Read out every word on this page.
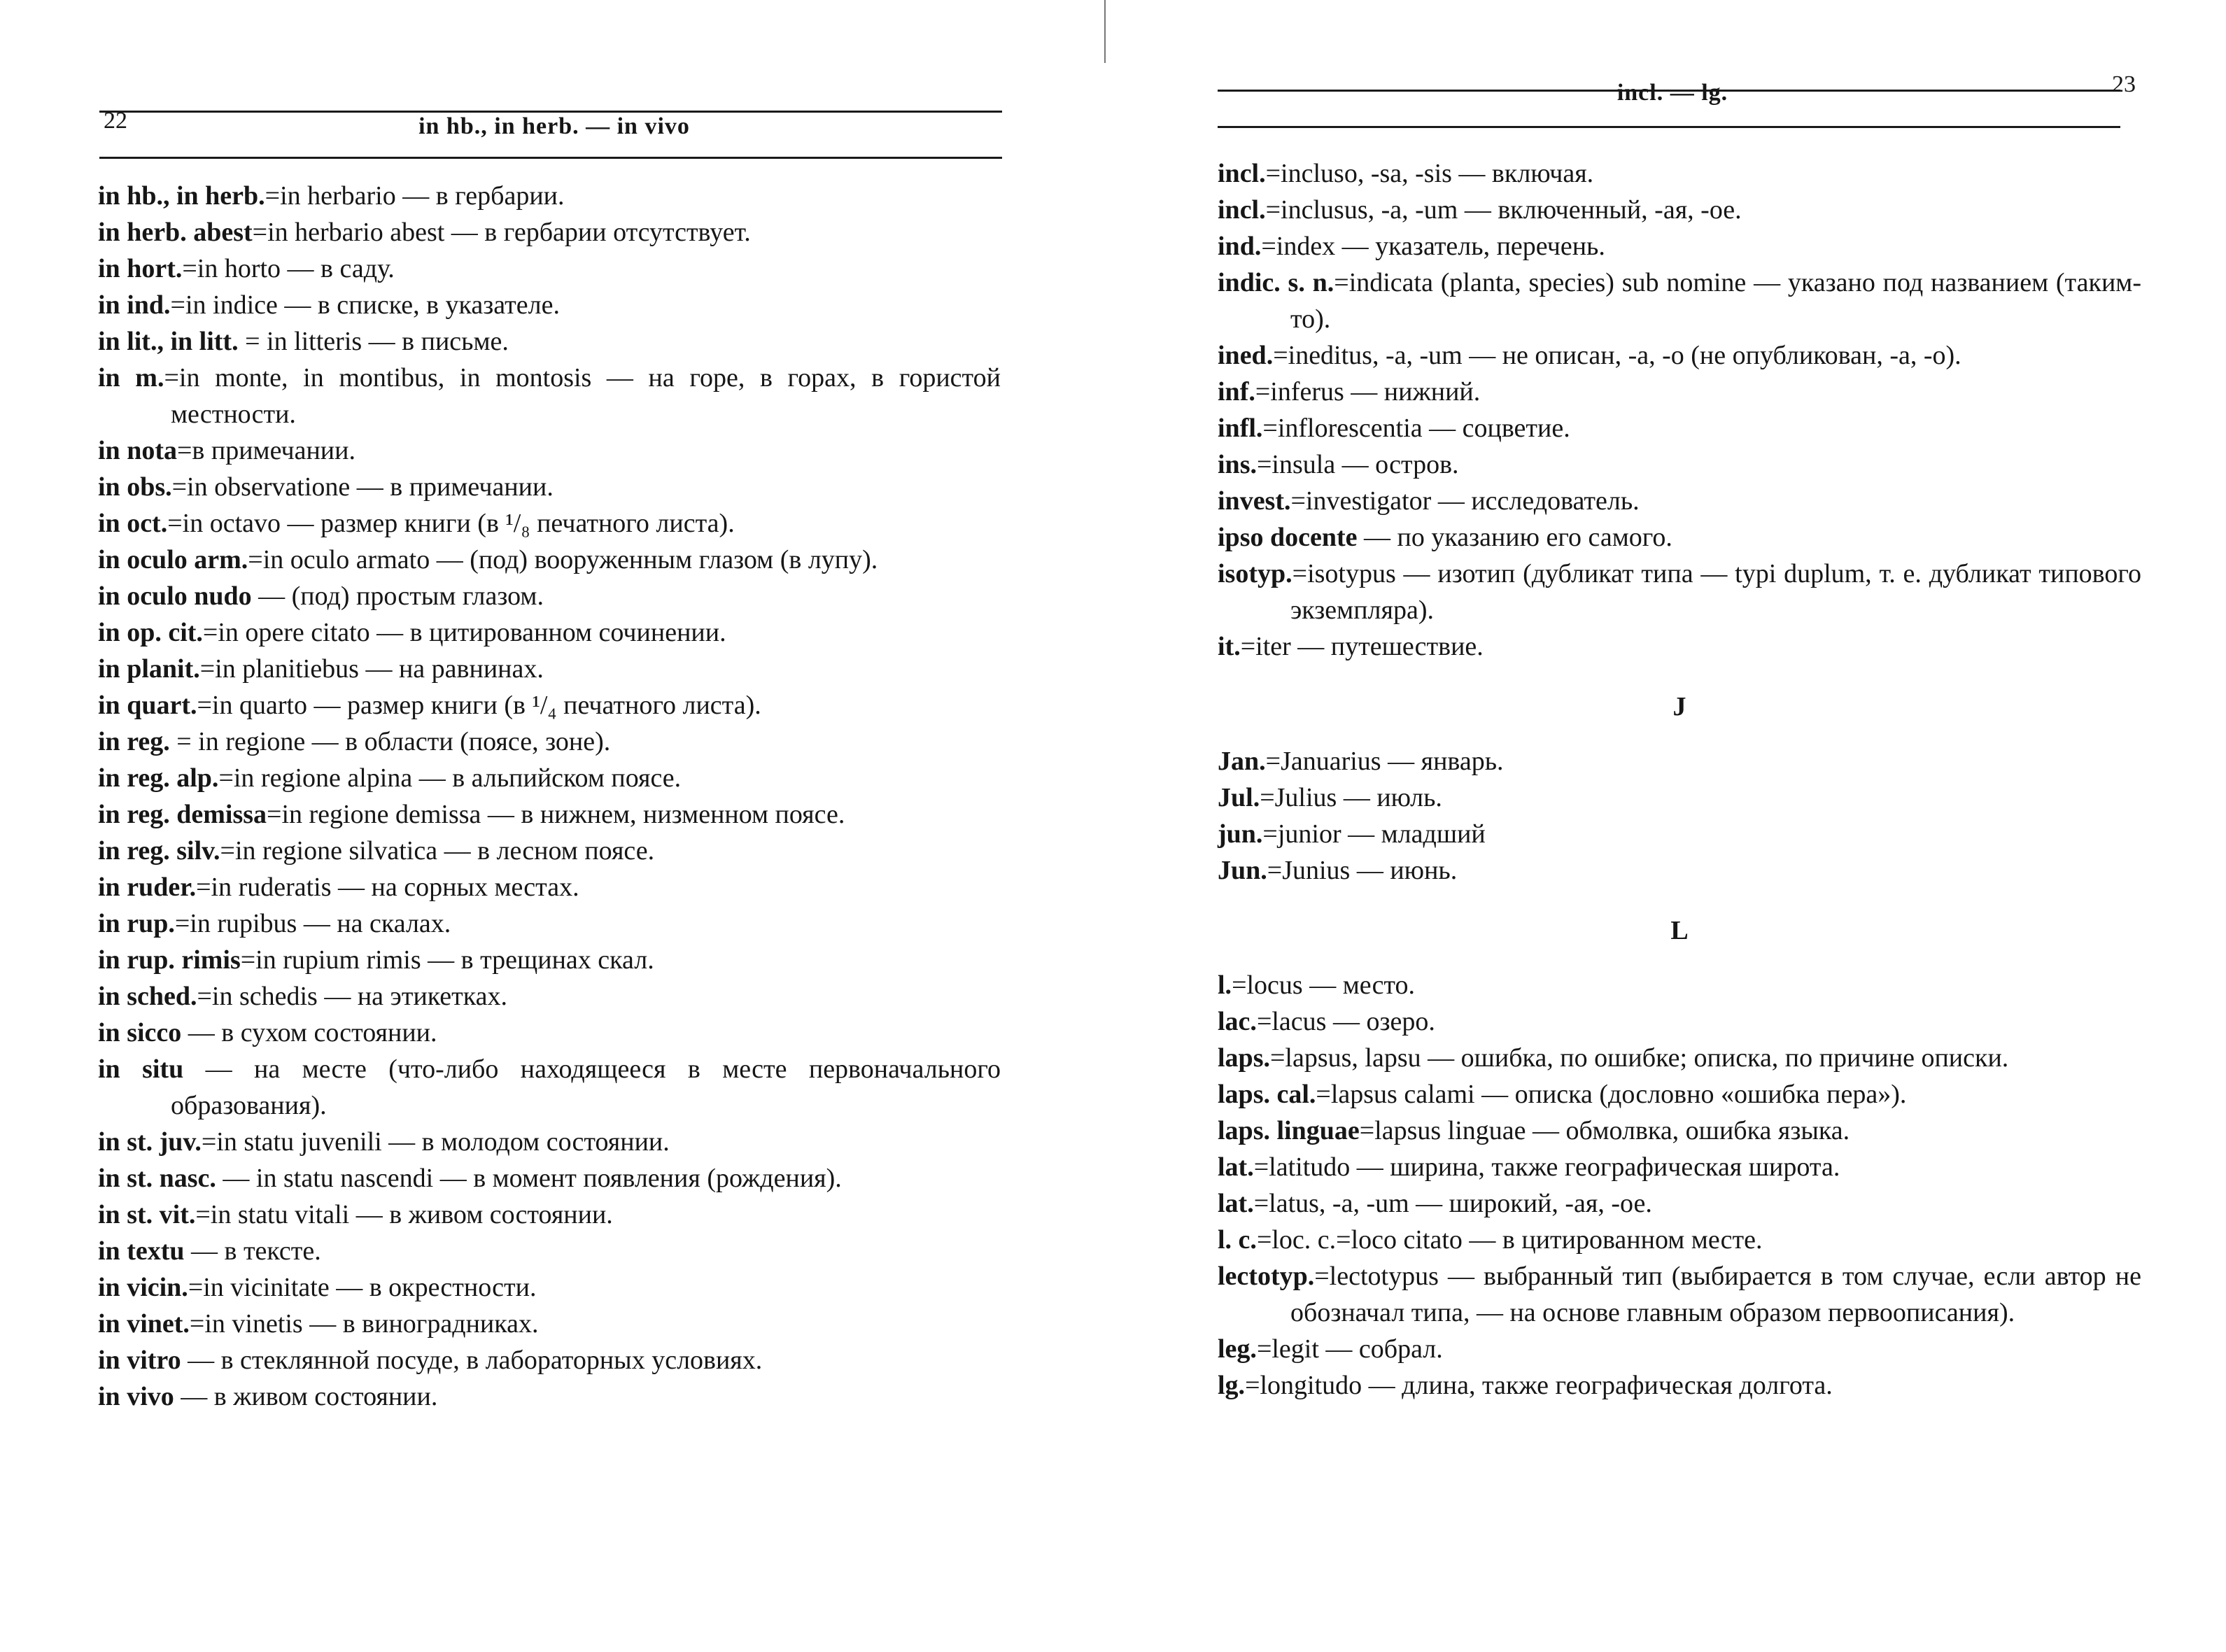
22	in hb., in herb. — in vivo
in hb., in herb.=in herbario — в гербарии.
in herb. abest=in herbario abest — в гербарии отсутствует.
in hort.=in horto — в саду.
in ind.=in indice — в списке, в указателе.
in lit., in litt. = in litteris — в письме.
in m.=in monte, in montibus, in montosis — на горе, в горах, в гористой местности.
in nota=в примечании.
in obs.=in observatione — в примечании.
in oct.=in octavo — размер книги (в ¹/₈ печатного листа).
in oculo arm.=in oculo armato — (под) вооруженным глазом (в лупу).
in oculo nudo — (под) простым глазом.
in op. cit.=in opere citato — в цитированном сочинении.
in planit.=in planitiebus — на равнинах.
in quart.=in quarto — размер книги (в ¹/₄ печатного листа).
in reg. = in regione — в области (поясе, зоне).
in reg. alp.=in regione alpina — в альпийском поясе.
in reg. demissa=in regione demissa — в нижнем, низменном поясе.
in reg. silv.=in regione silvatica — в лесном поясе.
in ruder.=in ruderatis — на сорных местах.
in rup.=in rupibus — на скалах.
in rup. rimis=in rupium rimis — в трещинах скал.
in sched.=in schedis — на этикетках.
in sicco — в сухом состоянии.
in situ — на месте (что-либо находящееся в месте первоначального образования).
in st. juv.=in statu juvenili — в молодом состоянии.
in st. nasc. — in statu nascendi — в момент появления (рождения).
in st. vit.=in statu vitali — в живом состоянии.
in textu — в тексте.
in vicin.=in vicinitate — в окрестности.
in vinet.=in vinetis — в виноградниках.
in vitro — в стеклянной посуде, в лабораторных условиях.
in vivo — в живом состоянии.
incl. — lg.	23
incl.=incluso, -sa, -sis — включая.
incl.=inclusus, -a, -um — включенный, -ая, -ое.
ind.=index — указатель, перечень.
indic. s. n.=indicata (planta, species) sub nomine — указано под названием (таким-то).
ined.=ineditus, -a, -um — не описан, -а, -о (не опубликован, -а, -о).
inf.=inferus — нижний.
infl.=inflorescentia — соцветие.
ins.=insula — остров.
invest.=investigator — исследователь.
ipso docente — по указанию его самого.
isotyp.=isotypus — изотип (дубликат типа — typi duplum, т. е. дубликат типового экземпляра).
it.=iter — путешествие.
J
Jan.=Januarius — январь.
Jul.=Julius — июль.
jun.=junior — младший
Jun.=Junius — июнь.
L
l.=locus — место.
lac.=lacus — озеро.
laps.=lapsus, lapsu — ошибка, по ошибке; описка, по причине описки.
laps. cal.=lapsus calami — описка (дословно «ошибка пера»).
laps. linguae=lapsus linguae — обмолвка, ошибка языка.
lat.=latitudo — ширина, также географическая широта.
lat.=latus, -a, -um — широкий, -ая, -ое.
l. c.=loc. c.=loco citato — в цитированном месте.
lectotyp.=lectotypus — выбранный тип (выбирается в том случае, если автор не обозначал типа, — на основе главным образом первоописания).
leg.=legit — собрал.
lg.=longitudo — длина, также географическая долгота.
